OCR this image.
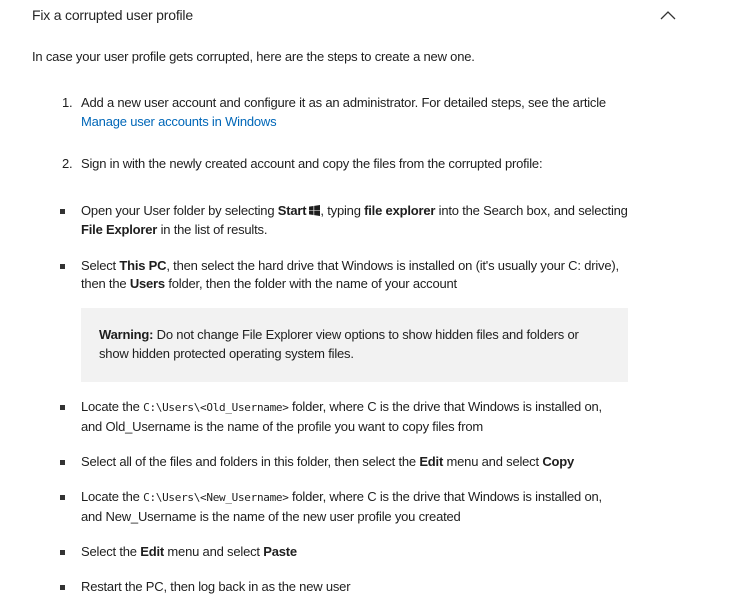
Fix a corrupted user profile
In case your user profile gets corrupted, here are the steps to create a new one.
1. Add a new user account and configure it as an administrator. For detailed steps, see the article
Manage user accounts in Windows
2. Sign in with the newly created account and copy the files from the corrupted profile:
Open your User folder by selecting Start , typing file explorer into the Search box, and selecting
File Explorer in the list of results.
Select This PC, then select the hard drive that Windows is installed on (it's usually your C: drive),
then the Users folder, then the folder with the name of your account
Warning: Do not change File Explorer view options to show hidden files and folders or
show hidden protected operating system files.
Locate the C:\Users\<Old_Username> folder, where C is the drive that Windows is installed on,
and Old_Username is the name of the profile you want to copy files from
Select all of the files and folders in this folder, then select the Edit menu and select Copy
Locate the C:\Users\<New_Username> folder, where C is the drive that Windows is installed on,
and New_Username is the name of the new user profile you created
Select the Edit menu and select Paste
Restart the PC, then log back in as the new user
